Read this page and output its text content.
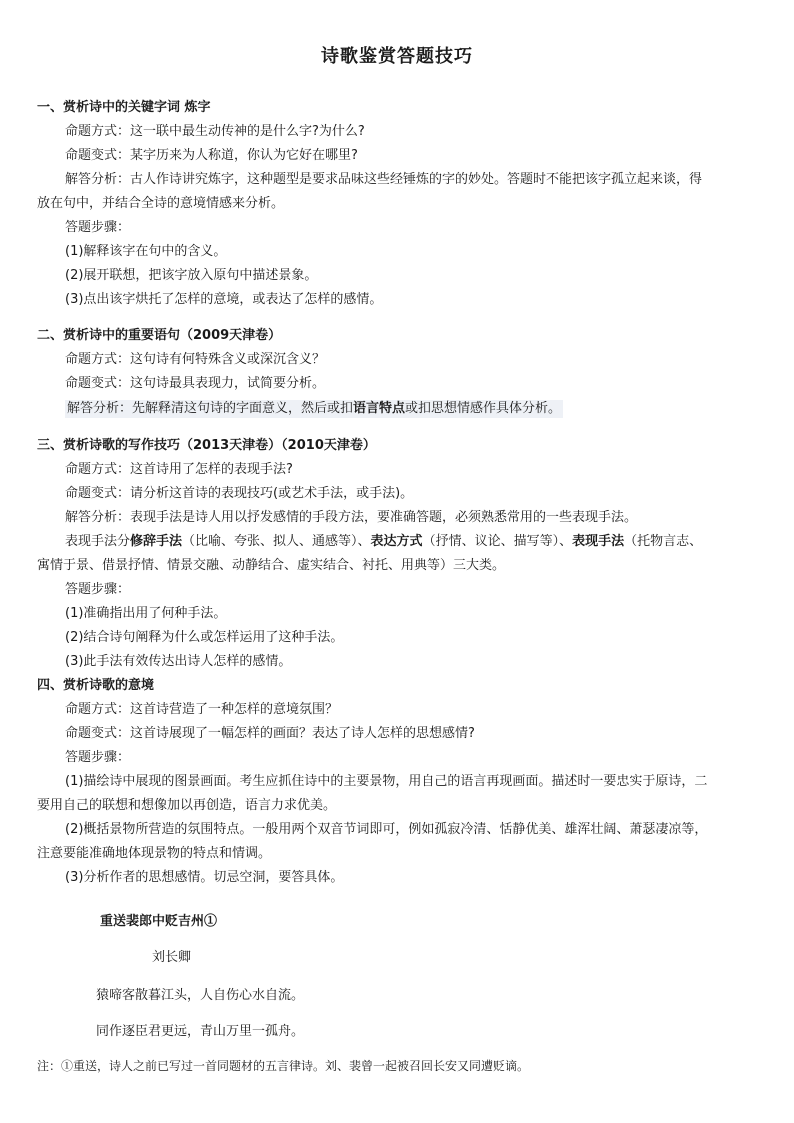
诗歌鉴赏答题技巧
一、赏析诗中的关键字词 炼字
命题方式：这一联中最生动传神的是什么字?为什么?
命题变式：某字历来为人称道，你认为它好在哪里?
解答分析：古人作诗讲究炼字，这种题型是要求品味这些经锤炼的字的妙处。答题时不能把该字孤立起来谈，得
放在句中，并结合全诗的意境情感来分析。
答题步骤：
(1)解释该字在句中的含义。
(2)展开联想，把该字放入原句中描述景象。
(3)点出该字烘托了怎样的意境，或表达了怎样的感情。
二、赏析诗中的重要语句（2009天津卷）
命题方式：这句诗有何特殊含义或深沉含义？
命题变式：这句诗最具表现力，试简要分析。
解答分析：先解释清这句诗的字面意义，然后或扣语言特点或扣思想情感作具体分析。
三、赏析诗歌的写作技巧（2013天津卷）（2010天津卷）
命题方式：这首诗用了怎样的表现手法?
命题变式：请分析这首诗的表现技巧(或艺术手法，或手法)。
解答分析：表现手法是诗人用以抒发感情的手段方法，要准确答题，必须熟悉常用的一些表现手法。
表现手法分修辞手法（比喻、夸张、拟人、通感等）、表达方式（抒情、议论、描写等）、表现手法（托物言志、
寓情于景、借景抒情、情景交融、动静结合、虚实结合、衬托、用典等）三大类。
答题步骤：
(1)准确指出用了何种手法。
(2)结合诗句阐释为什么或怎样运用了这种手法。
(3)此手法有效传达出诗人怎样的感情。
四、赏析诗歌的意境
命题方式：这首诗营造了一种怎样的意境氛围？
命题变式：这首诗展现了一幅怎样的画面？表达了诗人怎样的思想感情?
答题步骤：
(1)描绘诗中展现的图景画面。考生应抓住诗中的主要景物，用自己的语言再现画面。描述时一要忠实于原诗，二
要用自己的联想和想像加以再创造，语言力求优美。
(2)概括景物所营造的氛围特点。一般用两个双音节词即可，例如孤寂冷清、恬静优美、雄浑壮阔、萧瑟凄凉等，
注意要能准确地体现景物的特点和情调。
(3)分析作者的思想感情。切忌空洞，要答具体。
重送裴郎中贬吉州①
刘长卿
猿啼客散暮江头，人自伤心水自流。
同作逐臣君更远，青山万里一孤舟。
注：①重送，诗人之前已写过一首同题材的五言律诗。刘、裴曾一起被召回长安又同遭贬谪。
